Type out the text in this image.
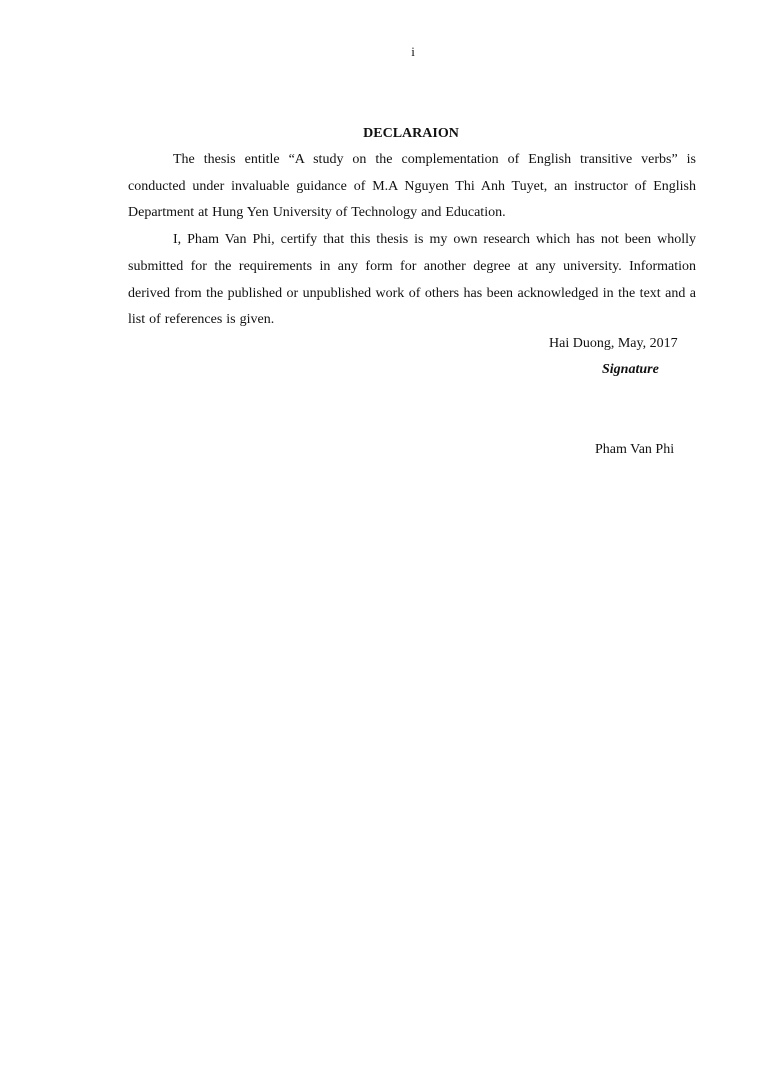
i
DECLARAION

The thesis entitle “A study on the complementation of English transitive verbs” is conducted under invaluable guidance of M.A Nguyen Thi Anh Tuyet, an instructor of English Department at Hung Yen University of Technology and Education.

I, Pham Van Phi, certify that this thesis is my own research which has not been wholly submitted for the requirements in any form for another degree at any university. Information derived from the published or unpublished work of others has been acknowledged in the text and a list of references is given.

Hai Duong, May, 2017
Signature
Pham Van Phi
